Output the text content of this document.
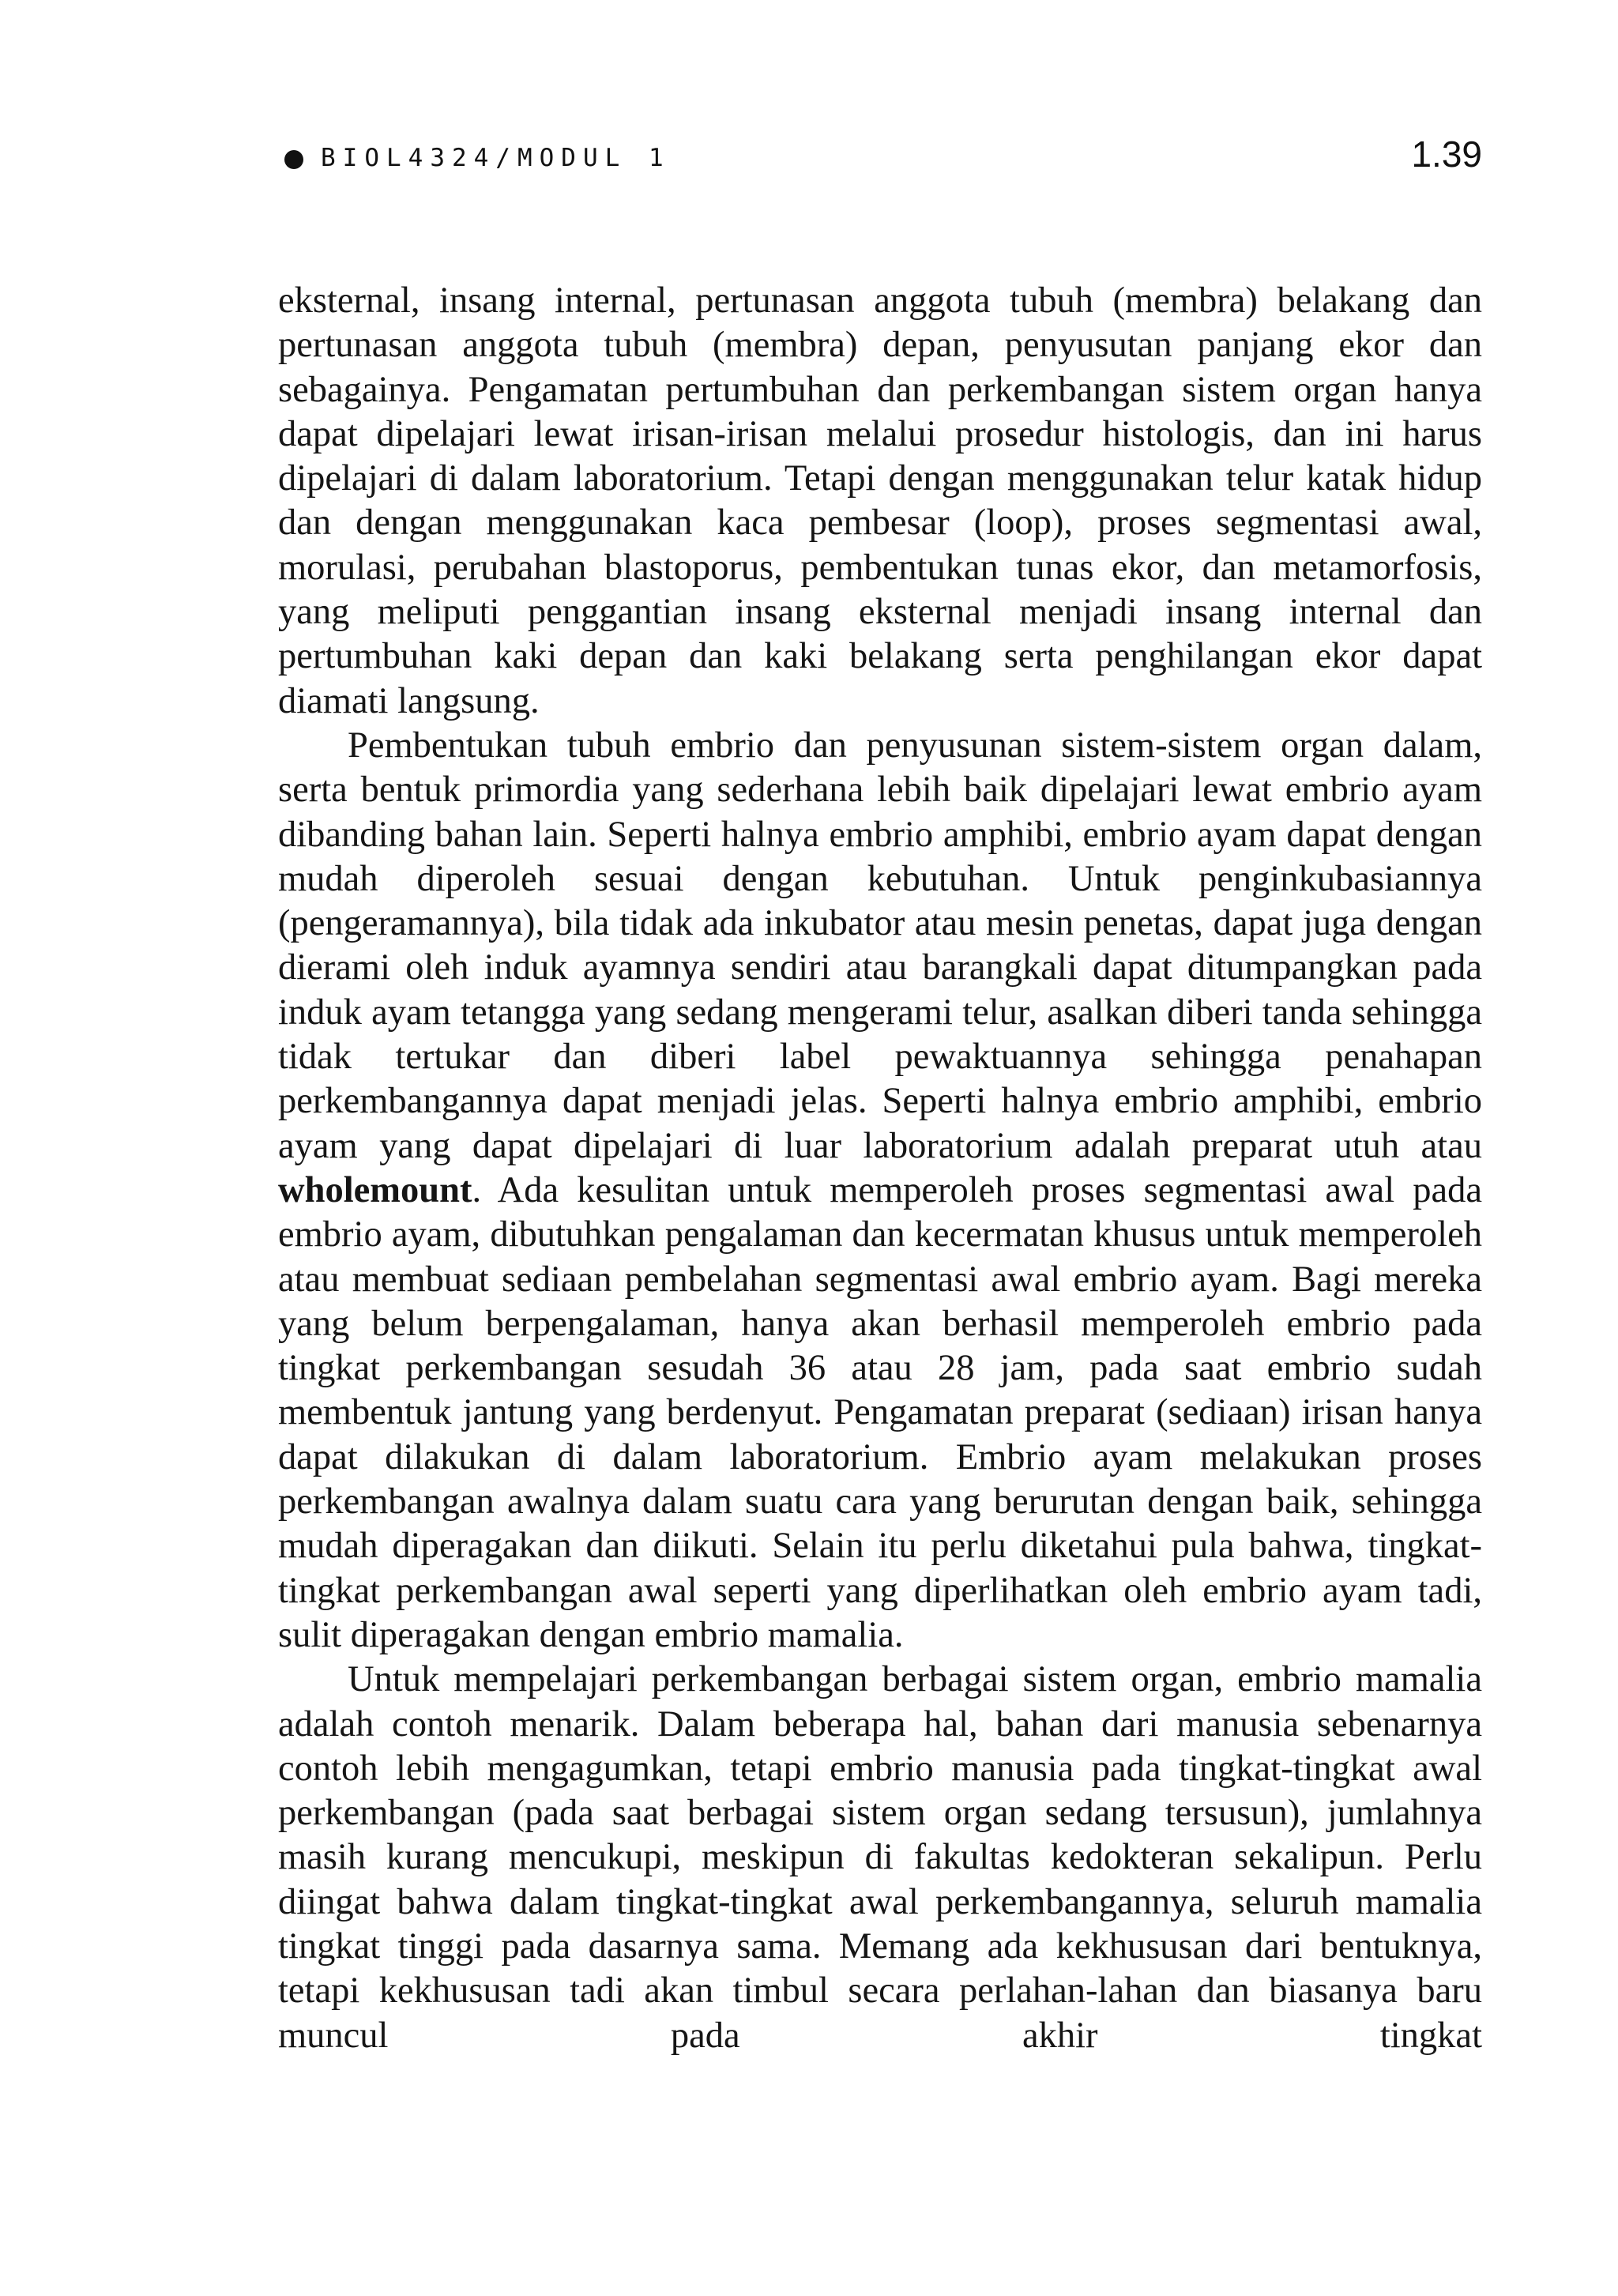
BIOL4324/MODUL 1	1.39

eksternal, insang internal, pertunasan anggota tubuh (membra) belakang dan pertunasan anggota tubuh (membra) depan, penyusutan panjang ekor dan sebagainya. Pengamatan pertumbuhan dan perkembangan sistem organ hanya dapat dipelajari lewat irisan-irisan melalui prosedur histologis, dan ini harus dipelajari di dalam laboratorium. Tetapi dengan menggunakan telur katak hidup dan dengan menggunakan kaca pembesar (loop), proses segmentasi awal, morulasi, perubahan blastoporus, pembentukan tunas ekor, dan metamorfosis, yang meliputi penggantian insang eksternal menjadi insang internal dan pertumbuhan kaki depan dan kaki belakang serta penghilangan ekor dapat diamati langsung.

Pembentukan tubuh embrio dan penyusunan sistem-sistem organ dalam, serta bentuk primordia yang sederhana lebih baik dipelajari lewat embrio ayam dibanding bahan lain. Seperti halnya embrio amphibi, embrio ayam dapat dengan mudah diperoleh sesuai dengan kebutuhan. Untuk penginkubasiannya (pengeramannya), bila tidak ada inkubator atau mesin penetas, dapat juga dengan dierami oleh induk ayamnya sendiri atau barangkali dapat ditumpangkan pada induk ayam tetangga yang sedang mengerami telur, asalkan diberi tanda sehingga tidak tertukar dan diberi label pewaktuannya sehingga penahapan perkembangannya dapat menjadi jelas. Seperti halnya embrio amphibi, embrio ayam yang dapat dipelajari di luar laboratorium adalah preparat utuh atau wholemount. Ada kesulitan untuk memperoleh proses segmentasi awal pada embrio ayam, dibutuhkan pengalaman dan kecermatan khusus untuk memperoleh atau membuat sediaan pembelahan segmentasi awal embrio ayam. Bagi mereka yang belum berpengalaman, hanya akan berhasil memperoleh embrio pada tingkat perkembangan sesudah 36 atau 28 jam, pada saat embrio sudah membentuk jantung yang berdenyut. Pengamatan preparat (sediaan) irisan hanya dapat dilakukan di dalam laboratorium. Embrio ayam melakukan proses perkembangan awalnya dalam suatu cara yang berurutan dengan baik, sehingga mudah diperagakan dan diikuti. Selain itu perlu diketahui pula bahwa, tingkat-tingkat perkembangan awal seperti yang diperlihatkan oleh embrio ayam tadi, sulit diperagakan dengan embrio mamalia.

Untuk mempelajari perkembangan berbagai sistem organ, embrio mamalia adalah contoh menarik. Dalam beberapa hal, bahan dari manusia sebenarnya contoh lebih mengagumkan, tetapi embrio manusia pada tingkat-tingkat awal perkembangan (pada saat berbagai sistem organ sedang tersusun), jumlahnya masih kurang mencukupi, meskipun di fakultas kedokteran sekalipun. Perlu diingat bahwa dalam tingkat-tingkat awal perkembangannya, seluruh mamalia tingkat tinggi pada dasarnya sama. Memang ada kekhususan dari bentuknya, tetapi kekhususan tadi akan timbul secara perlahan-lahan dan biasanya baru muncul pada akhir tingkat
